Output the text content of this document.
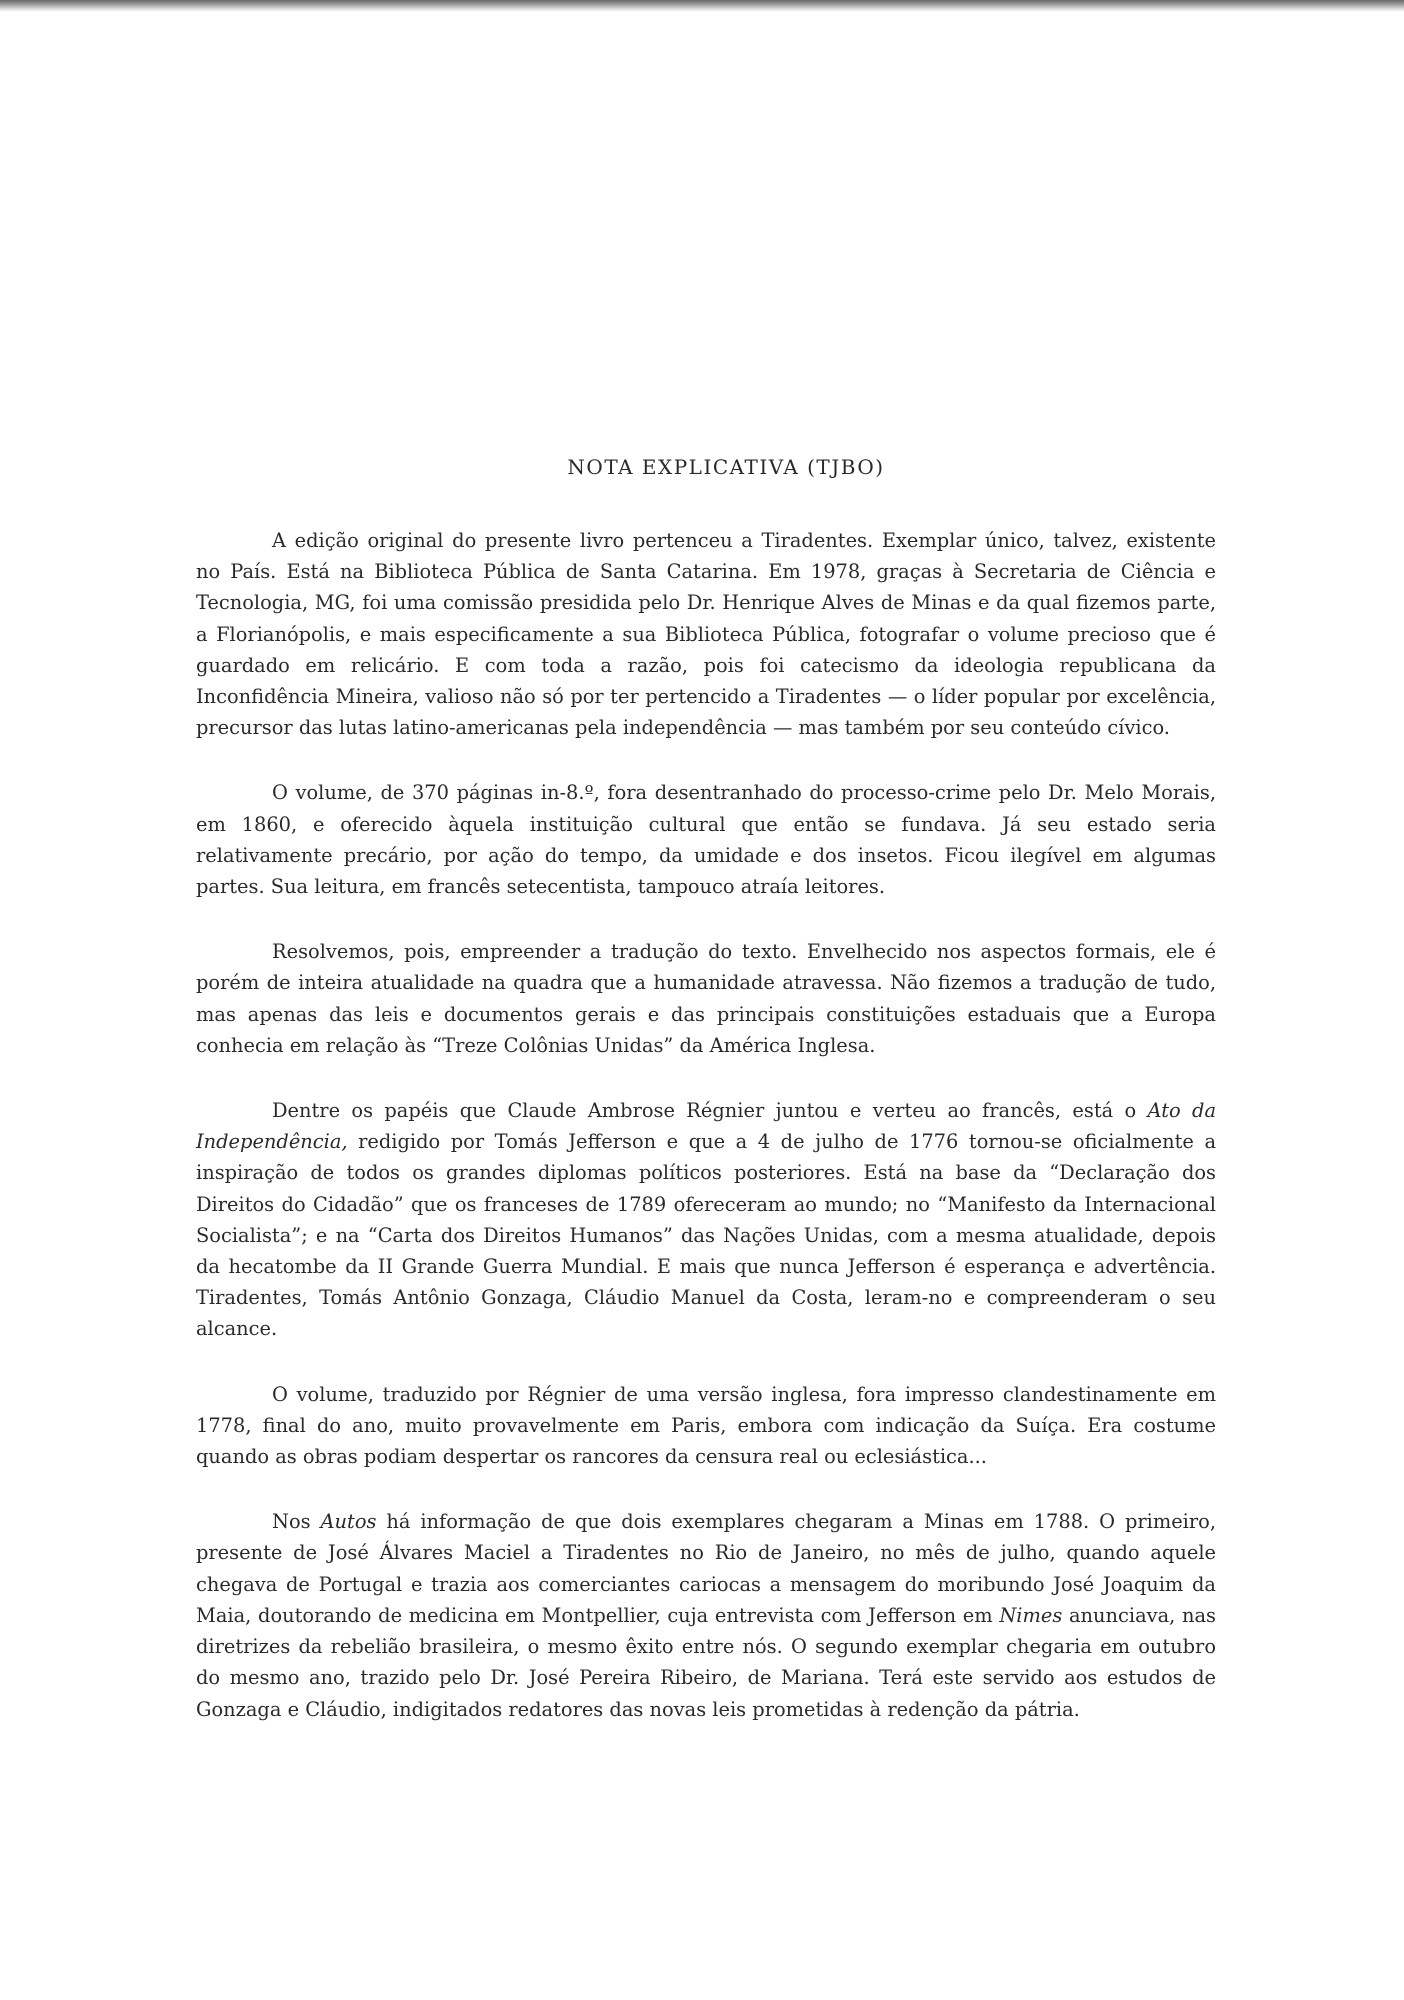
NOTA EXPLICATIVA (TJBO)

A edição original do presente livro pertenceu a Tiradentes. Exemplar único, talvez, existente no País. Está na Biblioteca Pública de Santa Catarina. Em 1978, graças à Secretaria de Ciência e Tecnologia, MG, foi uma comissão presidida pelo Dr. Henrique Alves de Minas e da qual fizemos parte, a Florianópolis, e mais especificamente a sua Biblioteca Pública, fotografar o volume precioso que é guardado em relicário. E com toda a razão, pois foi catecismo da ideologia republicana da Inconfidência Mineira, valioso não só por ter pertencido a Tiradentes — o líder popular por excelência, precursor das lutas latino-americanas pela independência — mas também por seu conteúdo cívico.

O volume, de 370 páginas in-8.º, fora desentranhado do processo-crime pelo Dr. Melo Morais, em 1860, e oferecido àquela instituição cultural que então se fundava. Já seu estado seria relativamente precário, por ação do tempo, da umidade e dos insetos. Ficou ilegível em algumas partes. Sua leitura, em francês setecentista, tampouco atraía leitores.

Resolvemos, pois, empreender a tradução do texto. Envelhecido nos aspectos formais, ele é porém de inteira atualidade na quadra que a humanidade atravessa. Não fizemos a tradução de tudo, mas apenas das leis e documentos gerais e das principais constituições estaduais que a Europa conhecia em relação às “Treze Colônias Unidas” da América Inglesa.

Dentre os papéis que Claude Ambrose Régnier juntou e verteu ao francês, está o Ato da Independência, redigido por Tomás Jefferson e que a 4 de julho de 1776 tornou-se oficialmente a inspiração de todos os grandes diplomas políticos posteriores. Está na base da “Declaração dos Direitos do Cidadão” que os franceses de 1789 ofereceram ao mundo; no “Manifesto da Internacional Socialista”; e na “Carta dos Direitos Humanos” das Nações Unidas, com a mesma atualidade, depois da hecatombe da II Grande Guerra Mundial. E mais que nunca Jefferson é esperança e advertência. Tiradentes, Tomás Antônio Gonzaga, Cláudio Manuel da Costa, leram-no e compreenderam o seu alcance.

O volume, traduzido por Régnier de uma versão inglesa, fora impresso clandestinamente em 1778, final do ano, muito provavelmente em Paris, embora com indicação da Suíça. Era costume quando as obras podiam despertar os rancores da censura real ou eclesiástica...

Nos Autos há informação de que dois exemplares chegaram a Minas em 1788. O primeiro, presente de José Álvares Maciel a Tiradentes no Rio de Janeiro, no mês de julho, quando aquele chegava de Portugal e trazia aos comerciantes cariocas a mensagem do moribundo José Joaquim da Maia, doutorando de medicina em Montpellier, cuja entrevista com Jefferson em Nimes anunciava, nas diretrizes da rebelião brasileira, o mesmo êxito entre nós. O segundo exemplar chegaria em outubro do mesmo ano, trazido pelo Dr. José Pereira Ribeiro, de Mariana. Terá este servido aos estudos de Gonzaga e Cláudio, indigitados redatores das novas leis prometidas à redenção da pátria.
